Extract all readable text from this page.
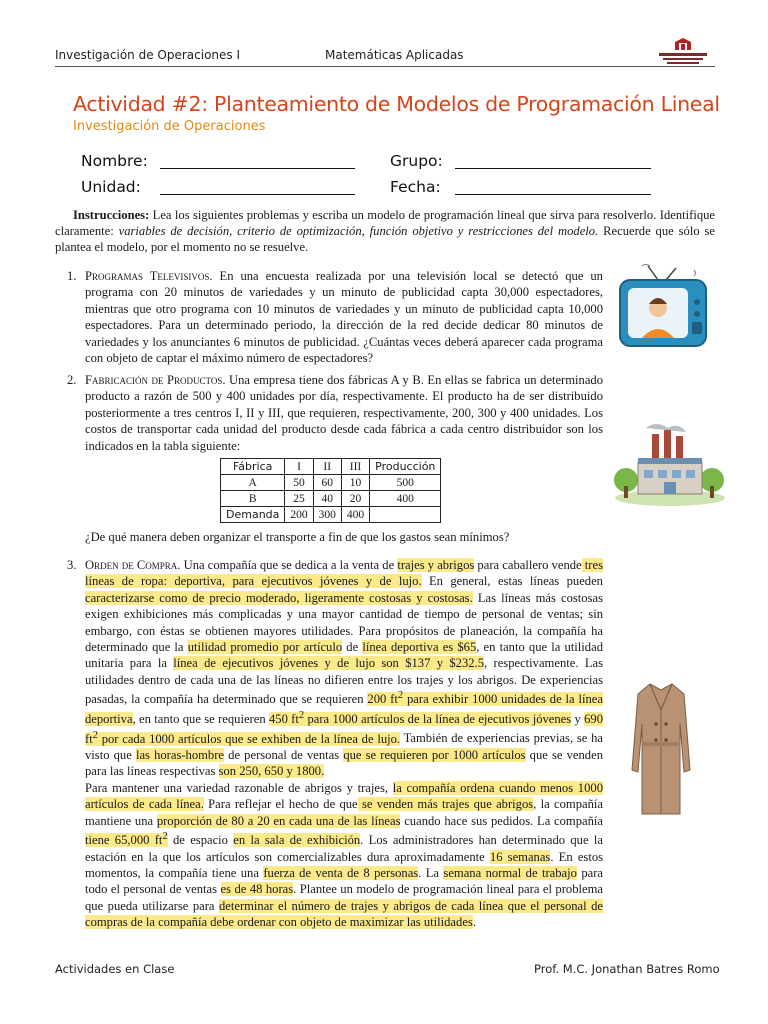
Investigación de Operaciones I	Matemáticas Aplicadas
Actividad #2: Planteamiento de Modelos de Programación Lineal
Investigación de Operaciones
Nombre:	Grupo:
Unidad:	Fecha:
Instrucciones: Lea los siguientes problemas y escriba un modelo de programación lineal que sirva para resolverlo. Identifique claramente: variables de decisión, criterio de optimización, función objetivo y restricciones del modelo. Recuerde que sólo se plantea el modelo, por el momento no se resuelve.
1. Programas Televisivos. En una encuesta realizada por una televisión local se detectó que un programa con 20 minutos de variedades y un minuto de publicidad capta 30,000 espectadores, mientras que otro programa con 10 minutos de variedades y un minuto de publicidad capta 10,000 espectadores. Para un determinado periodo, la dirección de la red decide dedicar 80 minutos de variedades y los anunciantes 6 minutos de publicidad. ¿Cuántas veces deberá aparecer cada programa con objeto de captar el máximo número de espectadores?
2. Fabricación de Productos. Una empresa tiene dos fábricas A y B. En ellas se fabrica un determinado producto a razón de 500 y 400 unidades por día, respectivamente. El producto ha de ser distribuido posteriormente a tres centros I, II y III, que requieren, respectivamente, 200, 300 y 400 unidades. Los costos de transportar cada unidad del producto desde cada fábrica a cada centro distribuidor son los indicados en la tabla siguiente:
Fábrica	I	II	III	Producción
A	50	60	10	500
B	25	40	20	400
Demanda	200	300	400	
¿De qué manera deben organizar el transporte a fin de que los gastos sean mínimos?
3. Orden de Compra. Una compañía que se dedica a la venta de trajes y abrigos para caballero vende tres líneas de ropa: deportiva, para ejecutivos jóvenes y de lujo. En general, estas líneas pueden caracterizarse como de precio moderado, ligeramente costosas y costosas. Las líneas más costosas exigen exhibiciones más complicadas y una mayor cantidad de tiempo de personal de ventas; sin embargo, con éstas se obtienen mayores utilidades. Para propósitos de planeación, la compañía ha determinado que la utilidad promedio por artículo de línea deportiva es $65, en tanto que la utilidad unitaria para la línea de ejecutivos jóvenes y de lujo son $137 y $232.5, respectivamente. Las utilidades dentro de cada una de las líneas no difieren entre los trajes y los abrigos. De experiencias pasadas, la compañía ha determinado que se requieren 200 $ft^2$ para exhibir 1000 unidades de la línea deportiva, en tanto que se requieren 450 $ft^2$ para 1000 artículos de la línea de ejecutivos jóvenes y 690 $ft^2$ por cada 1000 artículos que se exhiben de la línea de lujo. También de experiencias previas, se ha visto que las horas-hombre de personal de ventas que se requieren por 1000 artículos que se venden para las líneas respectivas son 250, 650 y 1800.
Para mantener una variedad razonable de abrigos y trajes, la compañía ordena cuando menos 1000 artículos de cada línea. Para reflejar el hecho de que se venden más trajes que abrigos, la compañía mantiene una proporción de 80 a 20 en cada una de las líneas cuando hace sus pedidos. La compañía tiene 65,000 $ft^2$ de espacio en la sala de exhibición. Los administradores han determinado que la estación en la que los artículos son comercializables dura aproximadamente 16 semanas. En estos momentos, la compañía tiene una fuerza de venta de 8 personas. La semana normal de trabajo para todo el personal de ventas es de 48 horas. Plantee un modelo de programación lineal para el problema que pueda utilizarse para determinar el número de trajes y abrigos de cada línea que el personal de compras de la compañía debe ordenar con objeto de maximizar las utilidades.
Actividades en Clase	Prof. M.C. Jonathan Batres Romo
